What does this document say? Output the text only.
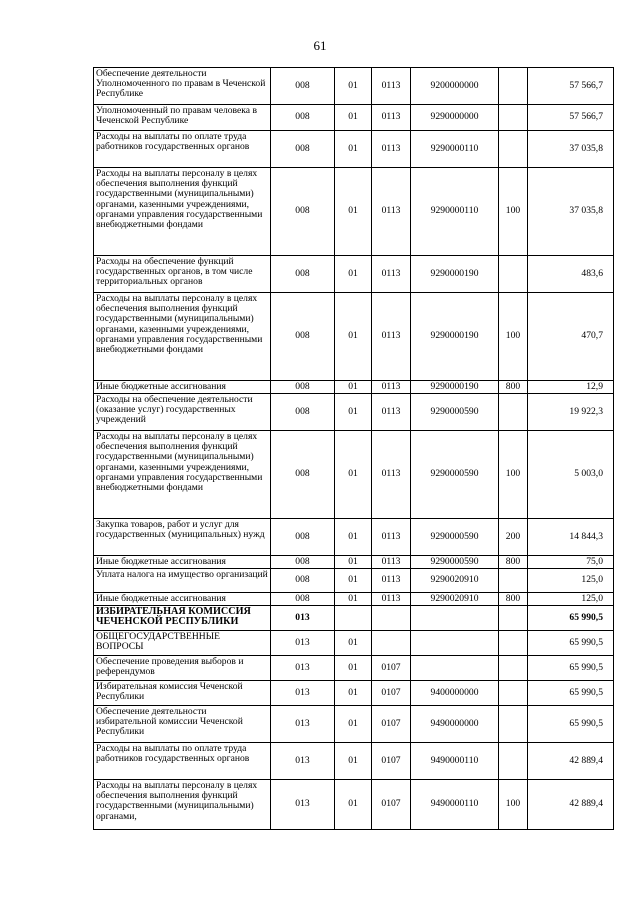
61
Обеспечение деятельности Уполномоченного по правам в Чеченской Республике	008	01	0113	9200000000		57 566,7
Уполномоченный по правам человека в Чеченской Республике	008	01	0113	9290000000		57 566,7
Расходы на выплаты по оплате труда работников государственных органов	008	01	0113	9290000110		37 035,8
Расходы на выплаты персоналу в целях обеспечения выполнения функций государственными (муниципальными) органами, казенными учреждениями, органами управления государственными внебюджетными фондами	008	01	0113	9290000110	100	37 035,8
Расходы на обеспечение функций государственных органов, в том числе территориальных органов	008	01	0113	9290000190		483,6
Расходы на выплаты персоналу в целях обеспечения выполнения функций государственными (муниципальными) органами, казенными учреждениями, органами управления государственными внебюджетными фондами	008	01	0113	9290000190	100	470,7
Иные бюджетные ассигнования	008	01	0113	9290000190	800	12,9
Расходы на обеспечение деятельности (оказание услуг) государственных учреждений	008	01	0113	9290000590		19 922,3
Расходы на выплаты персоналу в целях обеспечения выполнения функций государственными (муниципальными) органами, казенными учреждениями, органами управления государственными внебюджетными фондами	008	01	0113	9290000590	100	5 003,0
Закупка товаров, работ и услуг для государственных (муниципальных) нужд	008	01	0113	9290000590	200	14 844,3
Иные бюджетные ассигнования	008	01	0113	9290000590	800	75,0
Уплата налога на имущество организаций	008	01	0113	9290020910		125,0
Иные бюджетные ассигнования	008	01	0113	9290020910	800	125,0
ИЗБИРАТЕЛЬНАЯ КОМИССИЯ ЧЕЧЕНСКОЙ РЕСПУБЛИКИ	013					65 990,5
ОБЩЕГОСУДАРСТВЕННЫЕ ВОПРОСЫ	013	01				65 990,5
Обеспечение проведения выборов и референдумов	013	01	0107			65 990,5
Избирательная комиссия Чеченской Республики	013	01	0107	9400000000		65 990,5
Обеспечение деятельности избирательной комиссии Чеченской Республики	013	01	0107	9490000000		65 990,5
Расходы на выплаты по оплате труда работников государственных органов	013	01	0107	9490000110		42 889,4
Расходы на выплаты персоналу в целях обеспечения выполнения функций государственными (муниципальными) органами,	013	01	0107	9490000110	100	42 889,4
